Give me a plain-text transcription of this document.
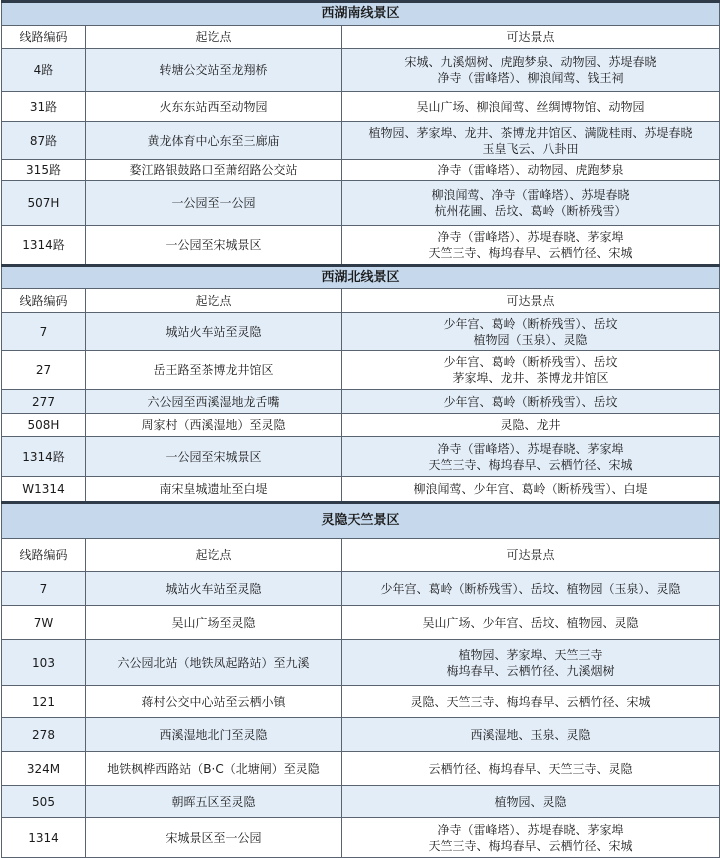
西湖南线景区		
线路编码	起讫点	可达景点
4路	转塘公交站至龙翔桥	宋城、九溪烟树、虎跑梦泉、动物园、苏堤春晓
净寺（雷峰塔）、柳浪闻莺、钱王祠
31路	火东东站西至动物园	吴山广场、柳浪闻莺、丝绸博物馆、动物园
87路	黄龙体育中心东至三廊庙	植物园、茅家埠、龙井、茶博龙井馆区、满陇桂雨、苏堤春晓
玉皇飞云、八卦田
315路	婺江路银鼓路口至萧绍路公交站	净寺（雷峰塔）、动物园、虎跑梦泉
507H	一公园至一公园	柳浪闻莺、净寺（雷峰塔）、苏堤春晓
杭州花圃、岳坟、葛岭（断桥残雪）
1314路	一公园至宋城景区	净寺（雷峰塔）、苏堤春晓、茅家埠
天竺三寺、梅坞春早、云栖竹径、宋城
西湖北线景区		
线路编码	起讫点	可达景点
7	城站火车站至灵隐	少年宫、葛岭（断桥残雪）、岳坟
植物园（玉泉）、灵隐
27	岳王路至茶博龙井馆区	少年宫、葛岭（断桥残雪）、岳坟
茅家埠、龙井、茶博龙井馆区
277	六公园至西溪湿地龙舌嘴	少年宫、葛岭（断桥残雪）、岳坟
508H	周家村（西溪湿地）至灵隐	灵隐、龙井
1314路	一公园至宋城景区	净寺（雷峰塔）、苏堤春晓、茅家埠
天竺三寺、梅坞春早、云栖竹径、宋城
W1314	南宋皇城遗址至白堤	柳浪闻莺、少年宫、葛岭（断桥残雪）、白堤
灵隐天竺景区		
线路编码	起讫点	可达景点
7	城站火车站至灵隐	少年宫、葛岭（断桥残雪）、岳坟、植物园（玉泉）、灵隐
7W	吴山广场至灵隐	吴山广场、少年宫、岳坟、植物园、灵隐
103	六公园北站（地铁凤起路站）至九溪	植物园、茅家埠、天竺三寺
梅坞春早、云栖竹径、九溪烟树
121	蒋村公交中心站至云栖小镇	灵隐、天竺三寺、梅坞春早、云栖竹径、宋城
278	西溪湿地北门至灵隐	西溪湿地、玉泉、灵隐
324M	地铁枫桦西路站（B·C（北塘闸）至灵隐	云栖竹径、梅坞春早、天竺三寺、灵隐
505	朝晖五区至灵隐	植物园、灵隐
1314	宋城景区至一公园	净寺（雷峰塔）、苏堤春晓、茅家埠
天竺三寺、梅坞春早、云栖竹径、宋城
